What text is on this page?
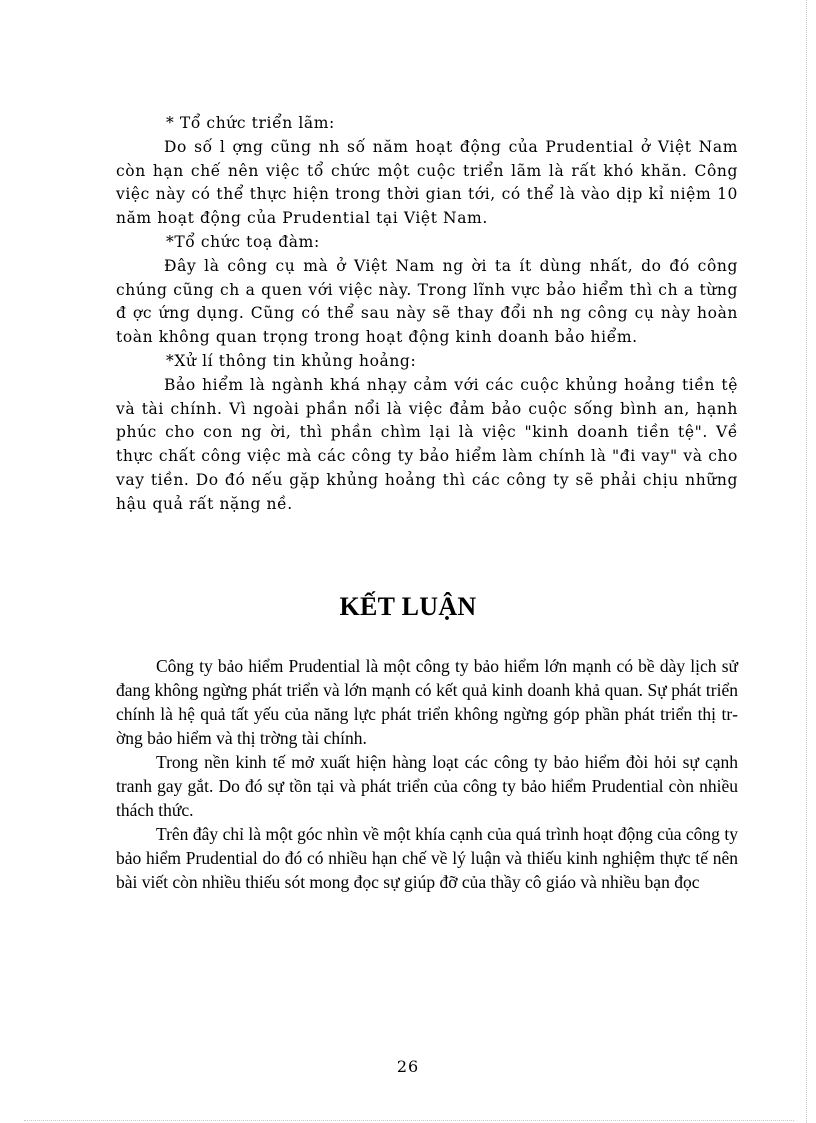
* Tổ chức triển lãm:

Do số l ợng cũng nh số năm hoạt động của Prudential ở Việt Nam còn hạn chế nên việc tổ chức một cuộc triển lãm là rất khó khăn. Công việc này có thể thực hiện trong thời gian tới, có thể là vào dịp kỉ niệm 10 năm hoạt động của Prudential tại Việt Nam.

*Tổ chức toạ đàm:

Đây là công cụ mà ở Việt Nam ng ời ta ít dùng nhất, do đó công chúng cũng ch a quen với việc này. Trong lĩnh vực bảo hiểm thì ch a từng đ ợc ứng dụng. Cũng có thể sau này sẽ thay đổi nh ng công cụ này hoàn toàn không quan trọng trong hoạt động kinh doanh bảo hiểm.

*Xử lí thông tin khủng hoảng:

Bảo hiểm là ngành khá nhạy cảm với các cuộc khủng hoảng tiền tệ và tài chính. Vì ngoài phần nổi là việc đảm bảo cuộc sống bình an, hạnh phúc cho con ng ời, thì phần chìm lại là việc "kinh doanh tiền tệ". Về thực chất công việc mà các công ty bảo hiểm làm chính là "đi vay" và cho vay tiền. Do đó nếu gặp khủng hoảng thì các công ty sẽ phải chịu những hậu quả rất nặng nề.

KẾT LUẬN

Công ty bảo hiểm Prudential là một công ty bảo hiểm lớn mạnh có bề dày lịch sử đang không ngừng phát triển và lớn mạnh có kết quả kinh doanh khả quan. Sự phát triển chính là hệ quả tất yếu của năng lực phát triển không ngừng góp phần phát triển thị trờng bảo hiểm và thị trờng tài chính.

Trong nền kinh tế mở xuất hiện hàng loạt các công ty bảo hiểm đòi hỏi sự cạnh tranh gay gắt. Do đó sự tồn tại và phát triển của công ty bảo hiểm Prudential còn nhiều thách thức.

Trên đây chỉ là một góc nhìn về một khía cạnh của quá trình hoạt động của công ty bảo hiểm Prudential do đó có nhiều hạn chế về lý luận và thiếu kinh nghiệm thực tế nên bài viết còn nhiều thiếu sót mong đọc sự giúp đỡ của thầy cô giáo và nhiều bạn đọc

26
